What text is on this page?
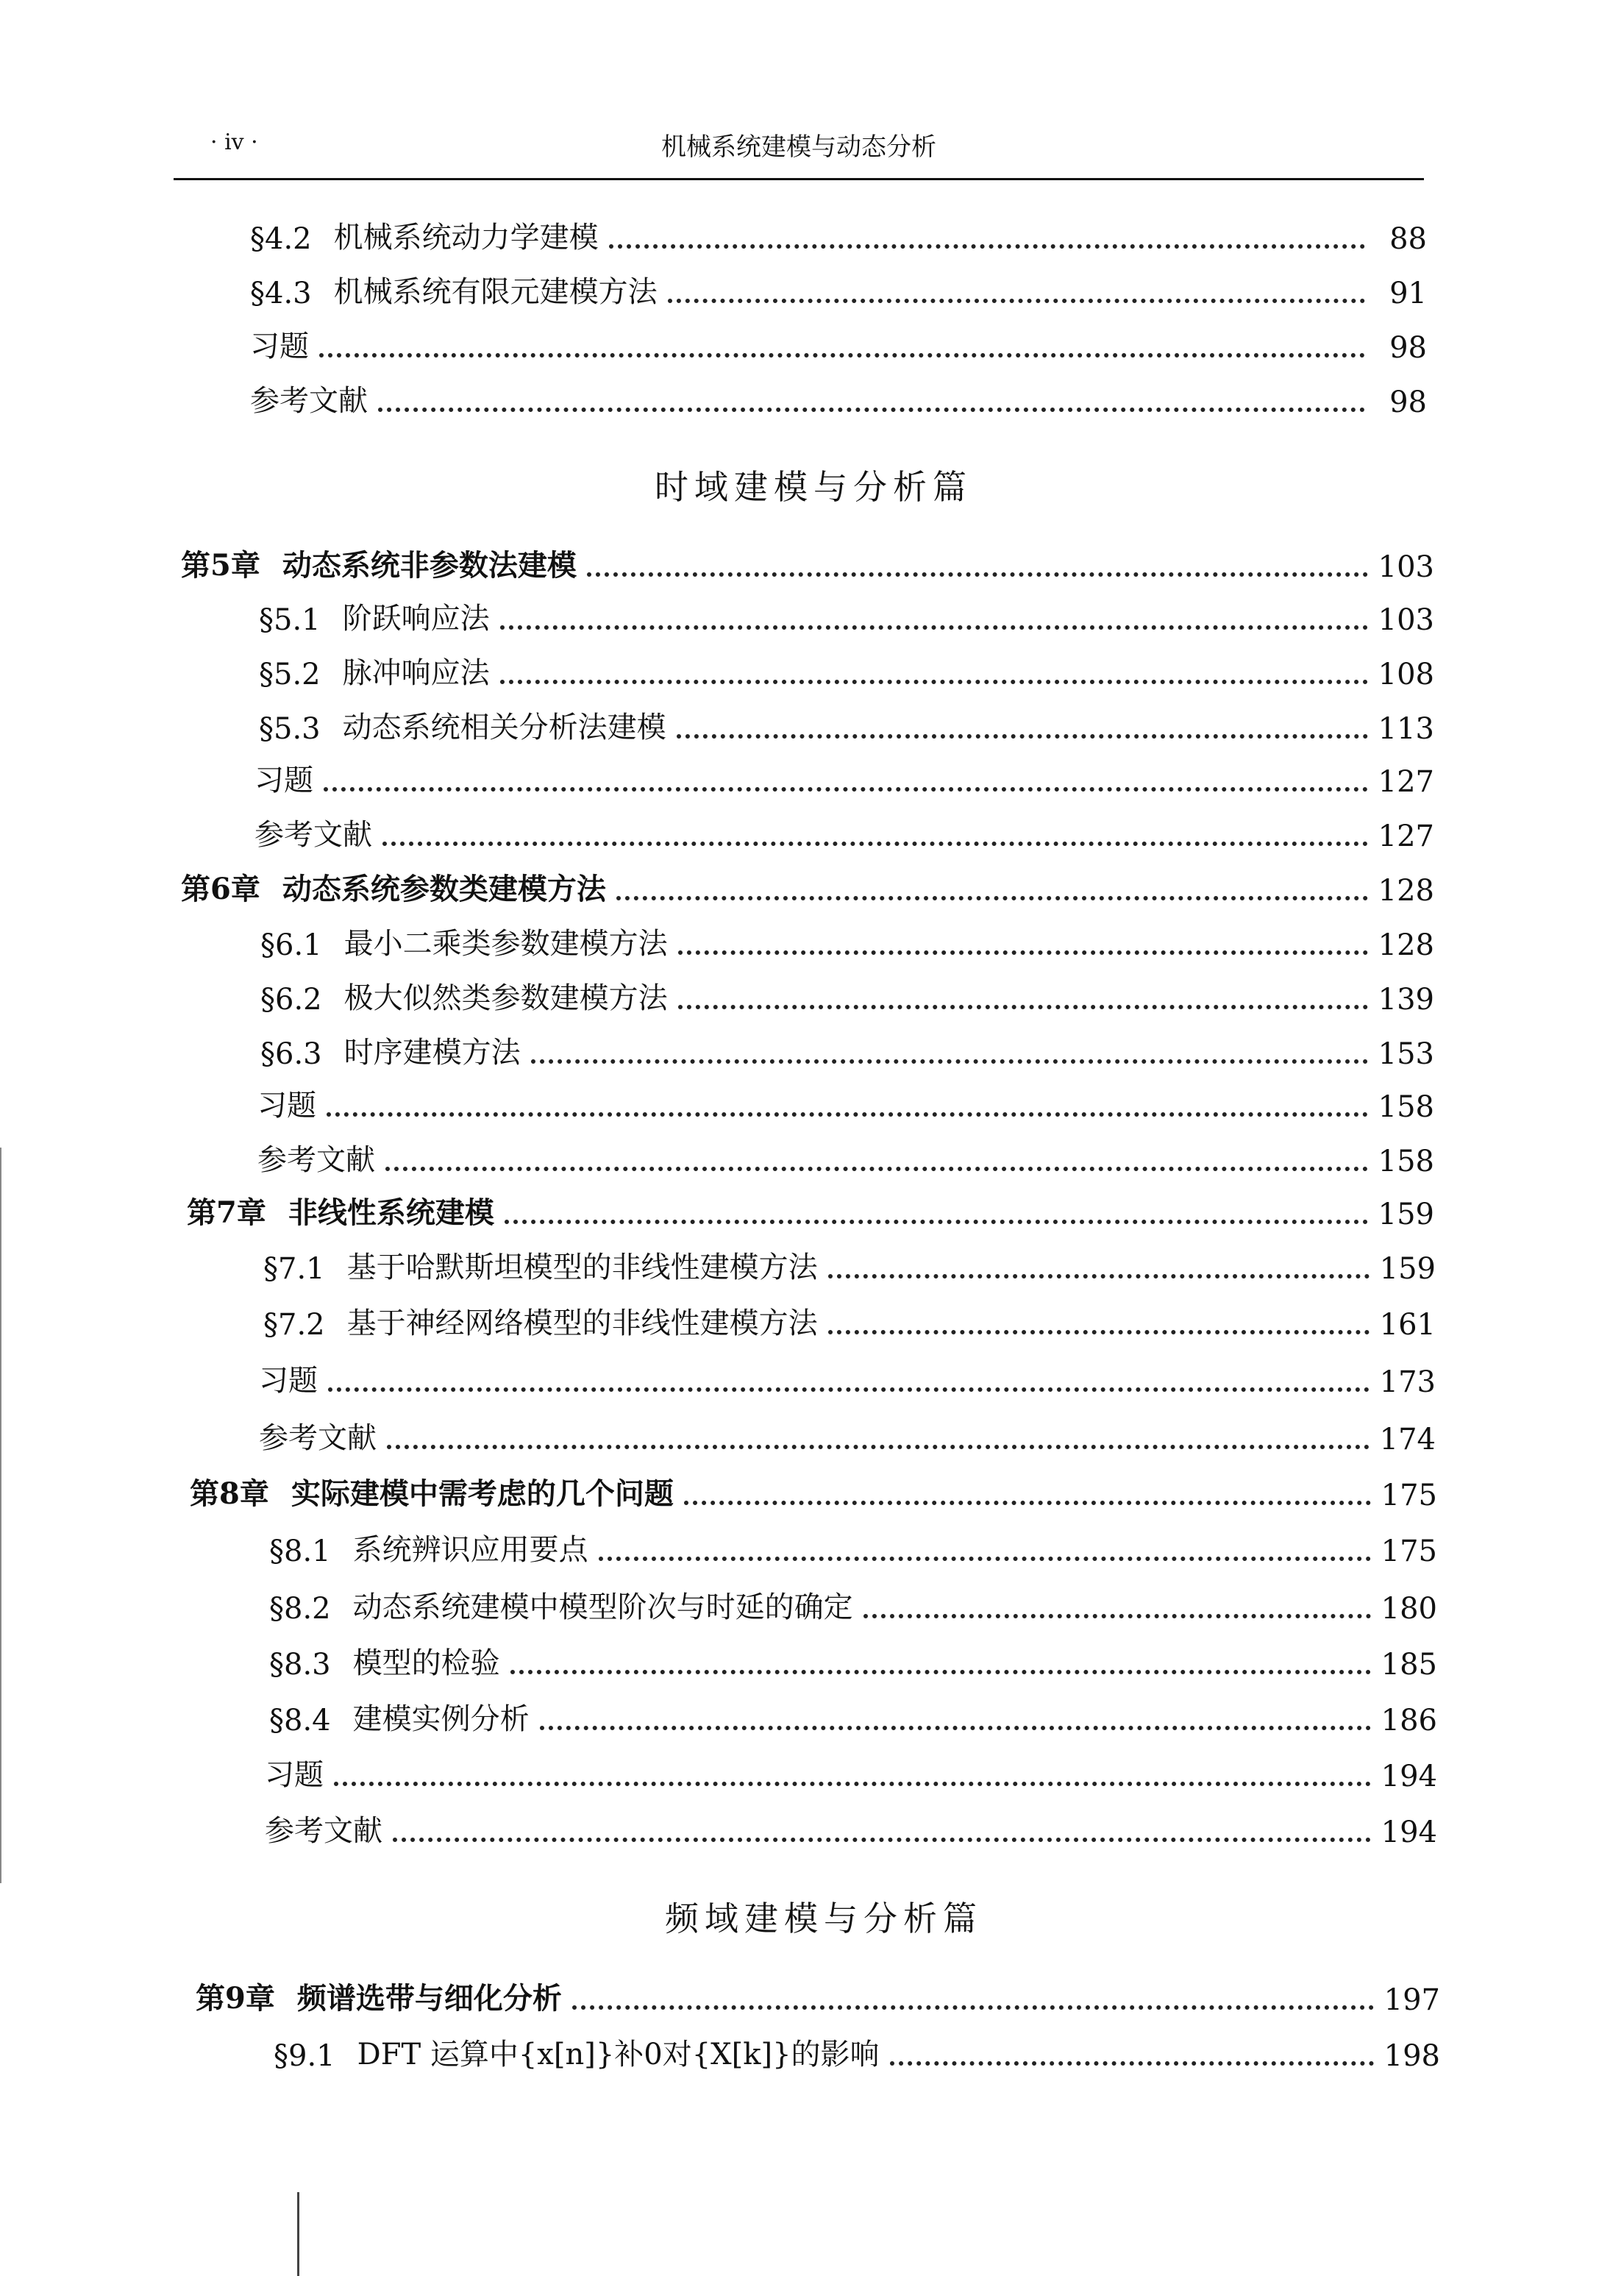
· iv ·	机械系统建模与动态分析
§4.2 机械系统动力学建模	88
§4.3 机械系统有限元建模方法	91
习题	98
参考文献	98
时域建模与分析篇
第5章 动态系统非参数法建模	103
§5.1 阶跃响应法	103
§5.2 脉冲响应法	108
§5.3 动态系统相关分析法建模	113
习题	127
参考文献	127
第6章 动态系统参数类建模方法	128
§6.1 最小二乘类参数建模方法	128
§6.2 极大似然类参数建模方法	139
§6.3 时序建模方法	153
习题	158
参考文献	158
第7章 非线性系统建模	159
§7.1 基于哈默斯坦模型的非线性建模方法	159
§7.2 基于神经网络模型的非线性建模方法	161
习题	173
参考文献	174
第8章 实际建模中需考虑的几个问题	175
§8.1 系统辨识应用要点	175
§8.2 动态系统建模中模型阶次与时延的确定	180
§8.3 模型的检验	185
§8.4 建模实例分析	186
习题	194
参考文献	194
频域建模与分析篇
第9章 频谱选带与细化分析	197
§9.1 DFT 运算中{x[n]}补0对{X[k]}的影响	198
